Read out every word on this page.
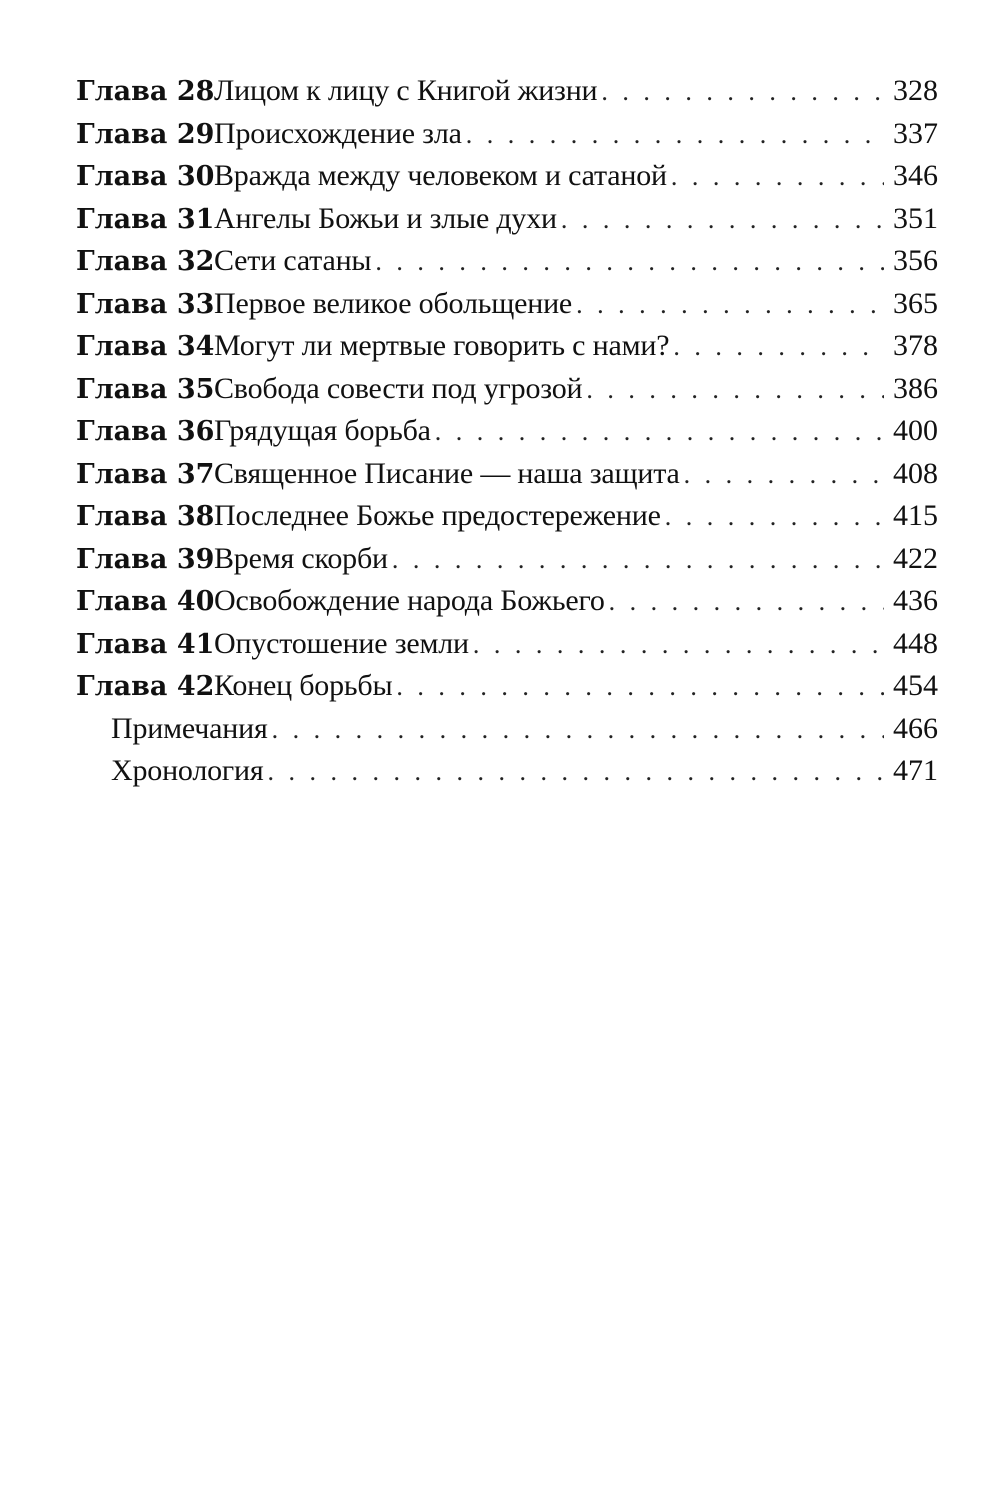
Глава 28 Лицом к лицу с Книгой жизни . . .	328
Глава 29 Происхождение зла . . .	337
Глава 30 Вражда между человеком и сатаной . . .	346
Глава 31 Ангелы Божьи и злые духи . . .	351
Глава 32 Сети сатаны . . .	356
Глава 33 Первое великое обольщение . . .	365
Глава 34 Могут ли мертвые говорить с нами? . . .	378
Глава 35 Свобода совести под угрозой . . .	386
Глава 36 Грядущая борьба . . .	400
Глава 37 Священное Писание — наша защита . . .	408
Глава 38 Последнее Божье предостережение . . .	415
Глава 39 Время скорби . . .	422
Глава 40 Освобождение народа Божьего . . .	436
Глава 41 Опустошение земли . . .	448
Глава 42 Конец борьбы . . .	454
Примечания . . .	466
Хронология . . .	471
